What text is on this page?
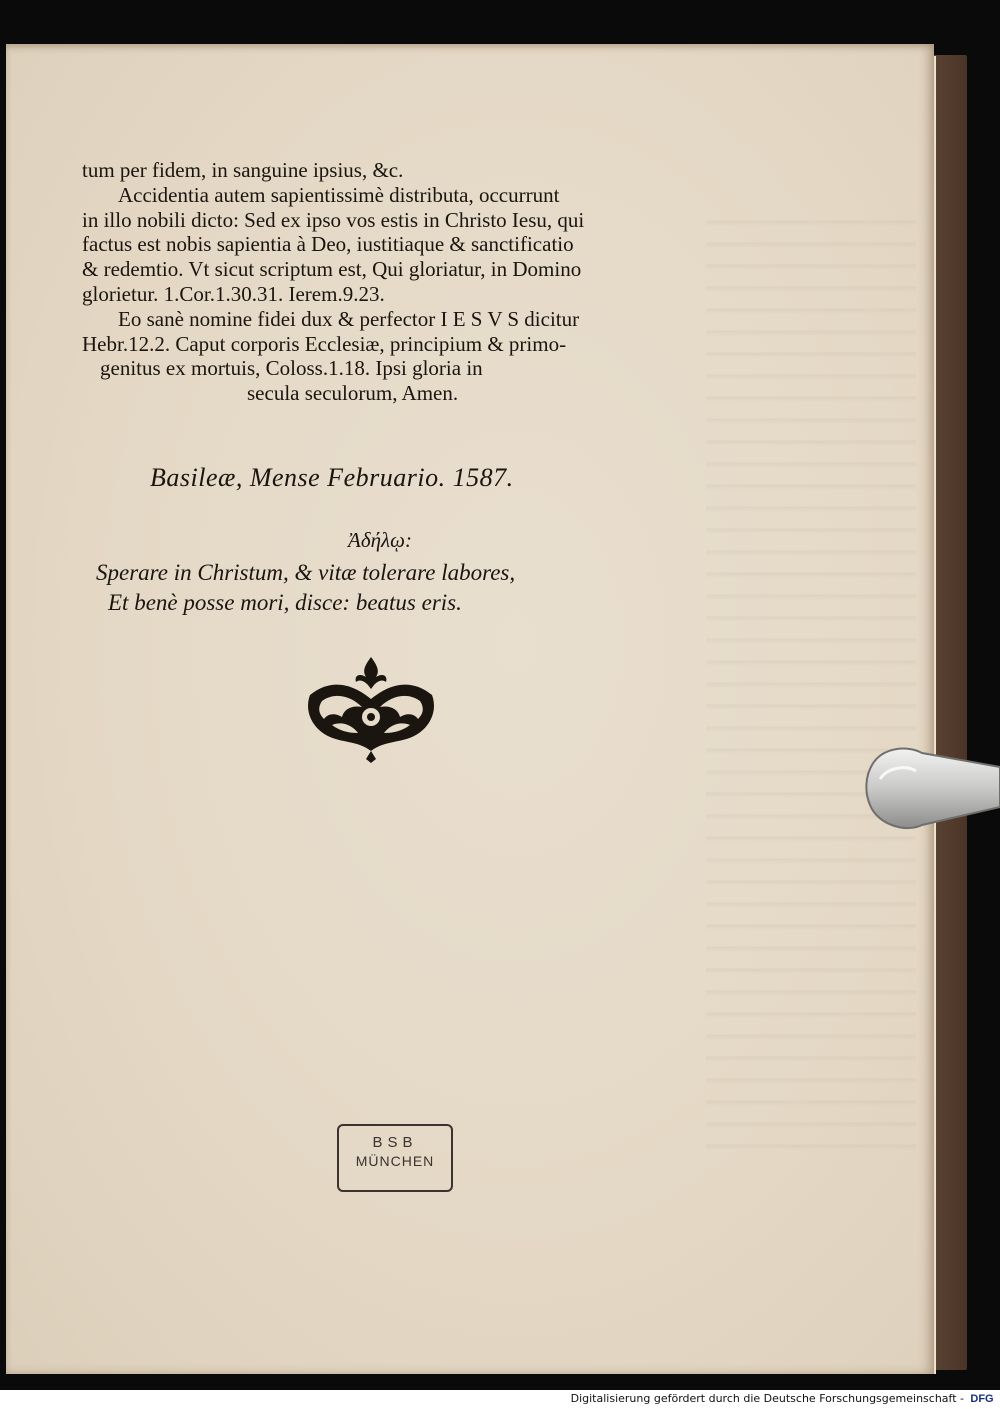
tum per fidem, in sanguine ipsius, &c.
Accidentia autem sapientissimè distributa, occurrunt
in illo nobili dicto: Sed ex ipso vos estis in Christo Iesu, qui
factus est nobis sapientia à Deo, iustitiaque & sanctificatio
& redemtio. Vt sicut scriptum est, Qui gloriatur, in Domino
glorietur. 1.Cor.1.30.31. Ierem.9.23.
Eo sanè nomine fidei dux & perfector I E S V S dicitur
Hebr.12.2. Caput corporis Ecclesiæ, principium & primo-
genitus ex mortuis, Coloss.1.18. Ipsi gloria in
secula seculorum, Amen.
Basileæ, Mense Februario. 1587.
Ἀδήλῳ:
Sperare in Christum, & vitæ tolerare labores,
Et benè posse mori, disce: beatus eris.
BSB
MÜNCHEN
Digitalisierung gefördert durch die Deutsche Forschungsgemeinschaft - DFG
